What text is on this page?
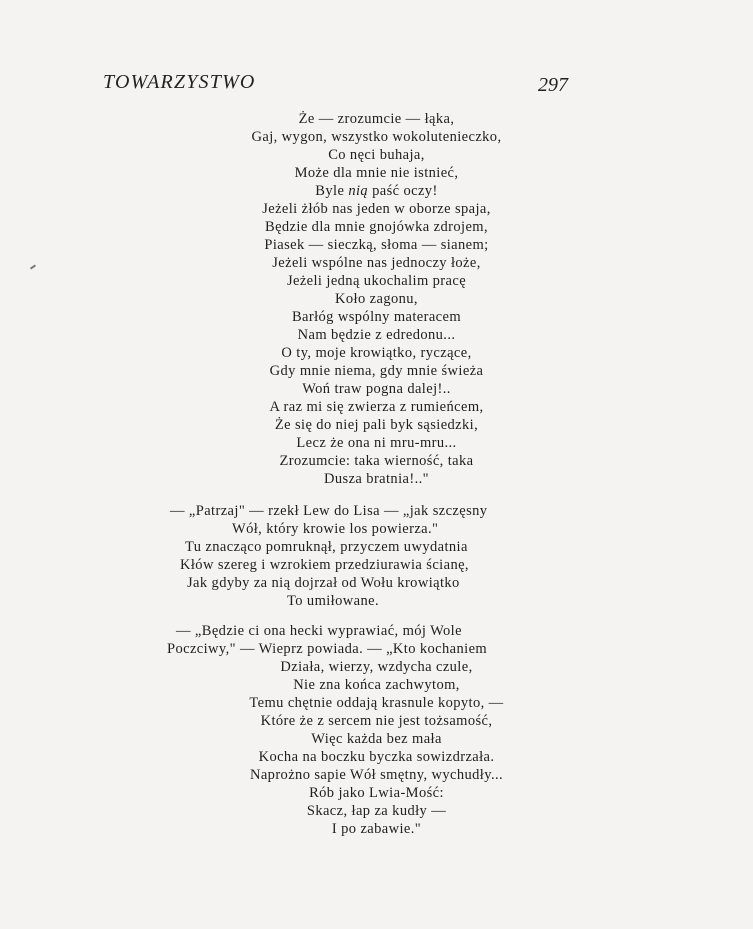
TOWARZYSTWO	297
Że — zrozumcie — łąka,
Gaj, wygon, wszystko wokolutenieczko,
Co nęci buhaja,
Może dla mnie nie istnieć,
Byle nią paść oczy!
Jeżeli żłób nas jeden w oborze spaja,
Będzie dla mnie gnojówka zdrojem,
Piasek — sieczką, słoma — sianem;
Jeżeli wspólne nas jednoczy łoże,
Jeżeli jedną ukochalim pracę
Koło zagonu,
Barłóg wspólny materacem
Nam będzie z edredonu...
O ty, moje krowiątko, ryczące,
Gdy mnie niema, gdy mnie świeża
Woń traw pogna dalej!..
A raz mi się zwierza z rumieńcem,
Że się do niej pali byk sąsiedzki,
Lecz że ona ni mru-mru...
Zrozumcie: taka wierność, taka
Dusza bratnia!.."
— „Patrzaj" — rzekł Lew do Lisa — „jak szczęsny
Wół, który krowie los powierza."
Tu znacząco pomruknął, przyczem uwydatnia
Kłów szereg i wzrokiem przedziurawia ścianę,
Jak gdyby za nią dojrzał od Wołu krowiątko
To umiłowane.
— „Będzie ci ona hecki wyprawiać, mój Wole
Poczciwy," — Wieprz powiada. — „Kto kochaniem
Działa, wierzy, wzdycha czule,
Nie zna końca zachwytom,
Temu chętnie oddają krasnule kopyto, —
Które że z sercem nie jest tożsamość,
Więc każda bez mała
Kocha na boczku byczka sowizdrzała.
Naprożno sapie Wół smętny, wychudły...
Rób jako Lwia-Mość:
Skacz, łap za kudły —
I po zabawie."
